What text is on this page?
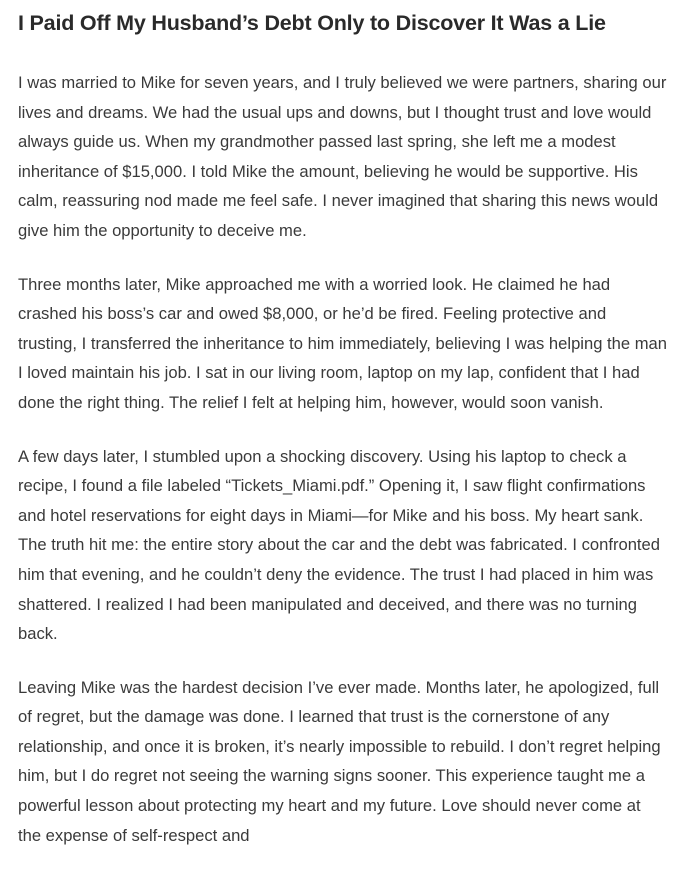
I Paid Off My Husband’s Debt Only to Discover It Was a Lie

I was married to Mike for seven years, and I truly believed we were partners, sharing our lives and dreams. We had the usual ups and downs, but I thought trust and love would always guide us. When my grandmother passed last spring, she left me a modest inheritance of $15,000. I told Mike the amount, believing he would be supportive. His calm, reassuring nod made me feel safe. I never imagined that sharing this news would give him the opportunity to deceive me.

Three months later, Mike approached me with a worried look. He claimed he had crashed his boss’s car and owed $8,000, or he’d be fired. Feeling protective and trusting, I transferred the inheritance to him immediately, believing I was helping the man I loved maintain his job. I sat in our living room, laptop on my lap, confident that I had done the right thing. The relief I felt at helping him, however, would soon vanish.

A few days later, I stumbled upon a shocking discovery. Using his laptop to check a recipe, I found a file labeled “Tickets_Miami.pdf.” Opening it, I saw flight confirmations and hotel reservations for eight days in Miami—for Mike and his boss. My heart sank. The truth hit me: the entire story about the car and the debt was fabricated. I confronted him that evening, and he couldn’t deny the evidence. The trust I had placed in him was shattered. I realized I had been manipulated and deceived, and there was no turning back.

Leaving Mike was the hardest decision I’ve ever made. Months later, he apologized, full of regret, but the damage was done. I learned that trust is the cornerstone of any relationship, and once it is broken, it’s nearly impossible to rebuild. I don’t regret helping him, but I do regret not seeing the warning signs sooner. This experience taught me a powerful lesson about protecting my heart and my future. Love should never come at the expense of self-respect and
